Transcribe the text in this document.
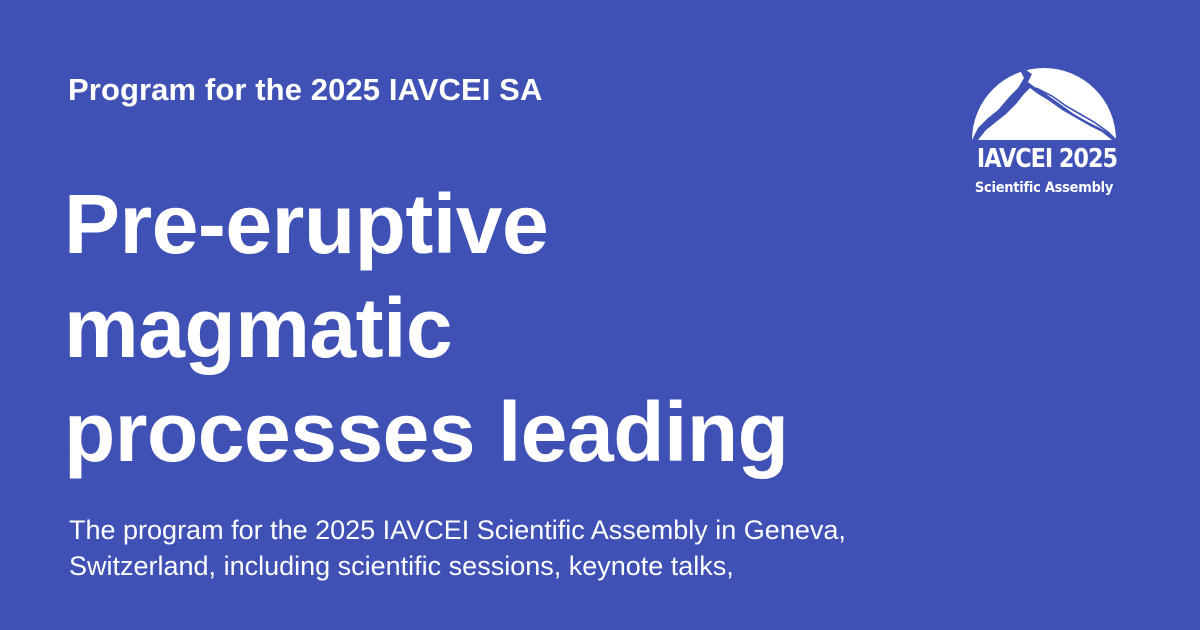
Program for the 2025 IAVCEI SA
Pre-eruptive
magmatic
processes leading
The program for the 2025 IAVCEI Scientific Assembly in Geneva,
Switzerland, including scientific sessions, keynote talks,
IAVCEI 2025
Scientific Assembly
